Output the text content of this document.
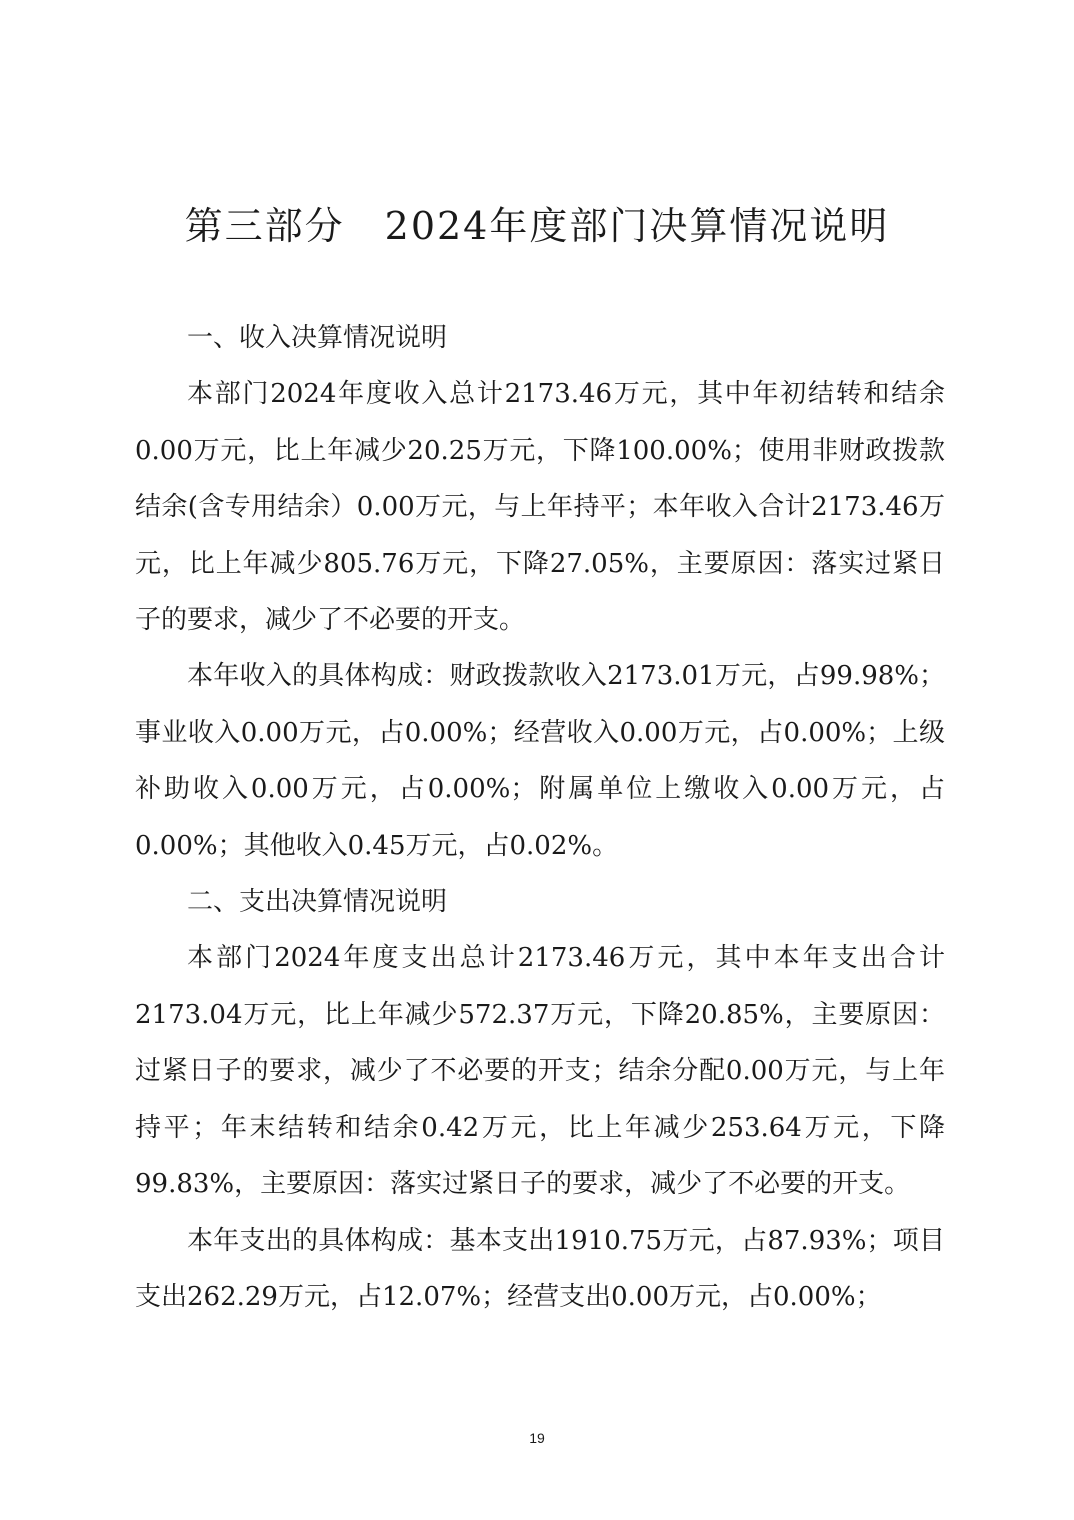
第三部分　2024年度部门决算情况说明

一、收入决算情况说明

本部门2024年度收入总计2173.46万元，其中年初结转和结余0.00万元，比上年减少20.25万元，下降100.00%；使用非财政拨款结余(含专用结余）0.00万元，与上年持平；本年收入合计2173.46万元，比上年减少805.76万元，下降27.05%，主要原因：落实过紧日子的要求，减少了不必要的开支。

本年收入的具体构成：财政拨款收入2173.01万元，占99.98%；事业收入0.00万元，占0.00%；经营收入0.00万元，占0.00%；上级补助收入0.00万元，占0.00%；附属单位上缴收入0.00万元，占0.00%；其他收入0.45万元，占0.02%。

二、支出决算情况说明

本部门2024年度支出总计2173.46万元，其中本年支出合计2173.04万元，比上年减少572.37万元，下降20.85%，主要原因：过紧日子的要求，减少了不必要的开支；结余分配0.00万元，与上年持平；年末结转和结余0.42万元，比上年减少253.64万元，下降99.83%，主要原因：落实过紧日子的要求，减少了不必要的开支。

本年支出的具体构成：基本支出1910.75万元，占87.93%；项目支出262.29万元，占12.07%；经营支出0.00万元，占0.00%；

19
